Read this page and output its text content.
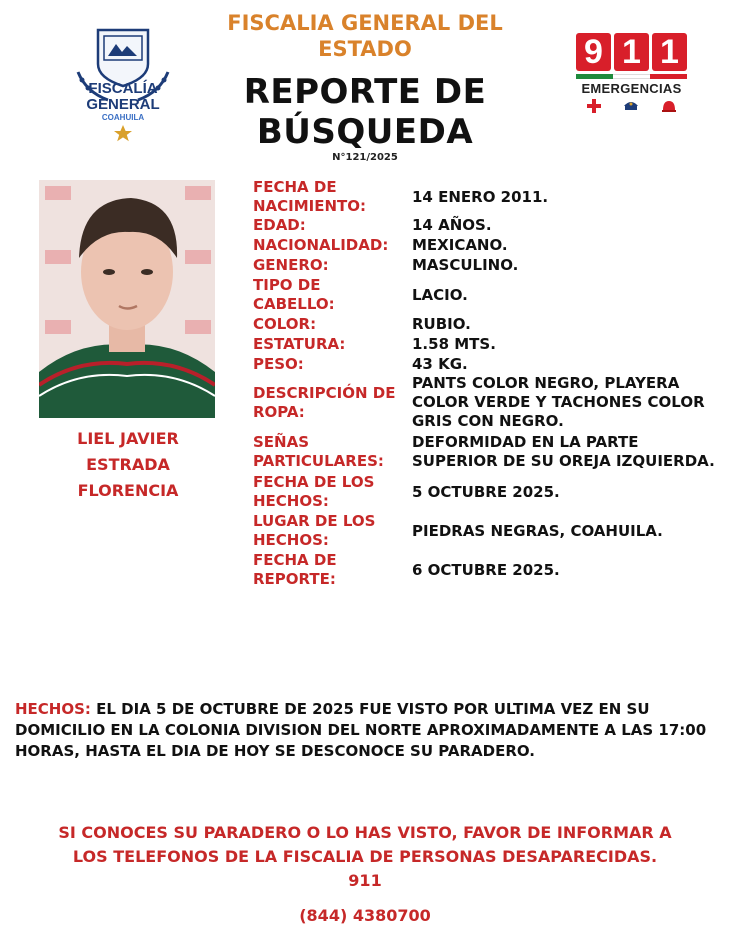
FISCALÍA
GENERAL
COAHUILA
FISCALIA GENERAL DEL
ESTADO
REPORTE DE
BÚSQUEDA
N°121/2025
9 1 1
EMERGENCIAS
LIEL JAVIER
ESTRADA
FLORENCIA
FECHA DE
NACIMIENTO:	14 ENERO 2011.
EDAD:	14 AÑOS.
NACIONALIDAD:	MEXICANO.
GENERO:	MASCULINO.
TIPO DE
CABELLO:	LACIO.
COLOR:	RUBIO.
ESTATURA:	1.58 MTS.
PESO:	43 KG.
DESCRIPCIÓN DE
ROPA:
PANTS COLOR NEGRO, PLAYERA
COLOR VERDE Y TACHONES COLOR
GRIS CON NEGRO.
SEÑAS
PARTICULARES:
DEFORMIDAD EN LA PARTE
SUPERIOR DE SU OREJA IZQUIERDA.
FECHA DE LOS
HECHOS:	5 OCTUBRE 2025.
LUGAR DE LOS
HECHOS:	PIEDRAS NEGRAS, COAHUILA.
FECHA DE
REPORTE:	6 OCTUBRE 2025.
HECHOS: EL DIA 5 DE OCTUBRE DE 2025 FUE VISTO POR ULTIMA VEZ EN SU
DOMICILIO EN LA COLONIA DIVISION DEL NORTE APROXIMADAMENTE A LAS 17:00
HORAS, HASTA EL DIA DE HOY SE DESCONOCE SU PARADERO.
SI CONOCES SU PARADERO O LO HAS VISTO, FAVOR DE INFORMAR A
LOS TELEFONOS DE LA FISCALIA DE PERSONAS DESAPARECIDAS.
911
(844) 4380700
